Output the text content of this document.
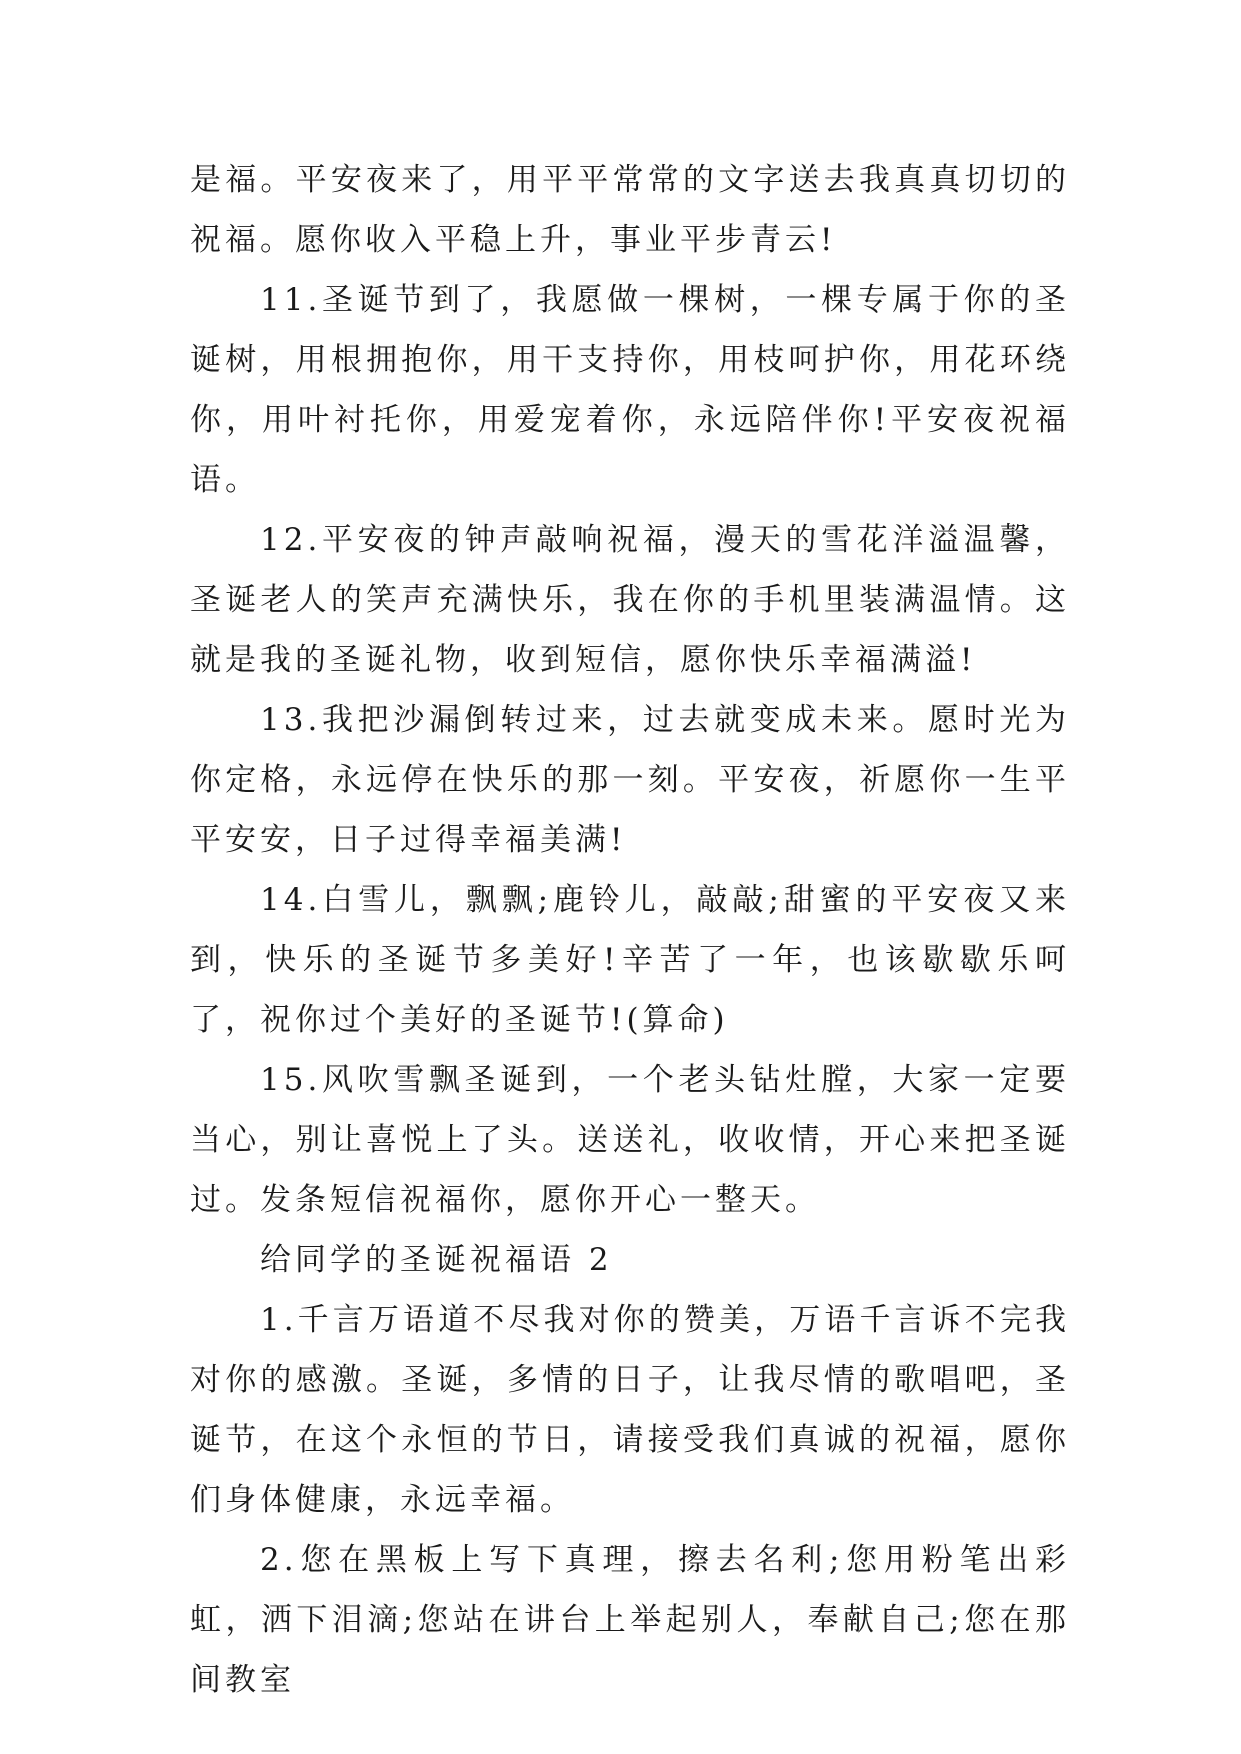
是福。平安夜来了，用平平常常的文字送去我真真切切的祝福。愿你收入平稳上升，事业平步青云!

11.圣诞节到了，我愿做一棵树，一棵专属于你的圣诞树，用根拥抱你，用干支持你，用枝呵护你，用花环绕你，用叶衬托你，用爱宠着你，永远陪伴你!平安夜祝福语。

12.平安夜的钟声敲响祝福，漫天的雪花洋溢温馨，圣诞老人的笑声充满快乐，我在你的手机里装满温情。这就是我的圣诞礼物，收到短信，愿你快乐幸福满溢!

13.我把沙漏倒转过来，过去就变成未来。愿时光为你定格，永远停在快乐的那一刻。平安夜，祈愿你一生平平安安，日子过得幸福美满!

14.白雪儿，飘飘;鹿铃儿，敲敲;甜蜜的平安夜又来到，快乐的圣诞节多美好!辛苦了一年，也该歇歇乐呵了，祝你过个美好的圣诞节!(算命)

15.风吹雪飘圣诞到，一个老头钻灶膛，大家一定要当心，别让喜悦上了头。送送礼，收收情，开心来把圣诞过。发条短信祝福你，愿你开心一整天。

给同学的圣诞祝福语 2

1.千言万语道不尽我对你的赞美，万语千言诉不完我对你的感激。圣诞，多情的日子，让我尽情的歌唱吧，圣诞节，在这个永恒的节日，请接受我们真诚的祝福，愿你们身体健康，永远幸福。

2.您在黑板上写下真理，擦去名利;您用粉笔出彩虹，洒下泪滴;您站在讲台上举起别人，奉献自己;您在那间教室
